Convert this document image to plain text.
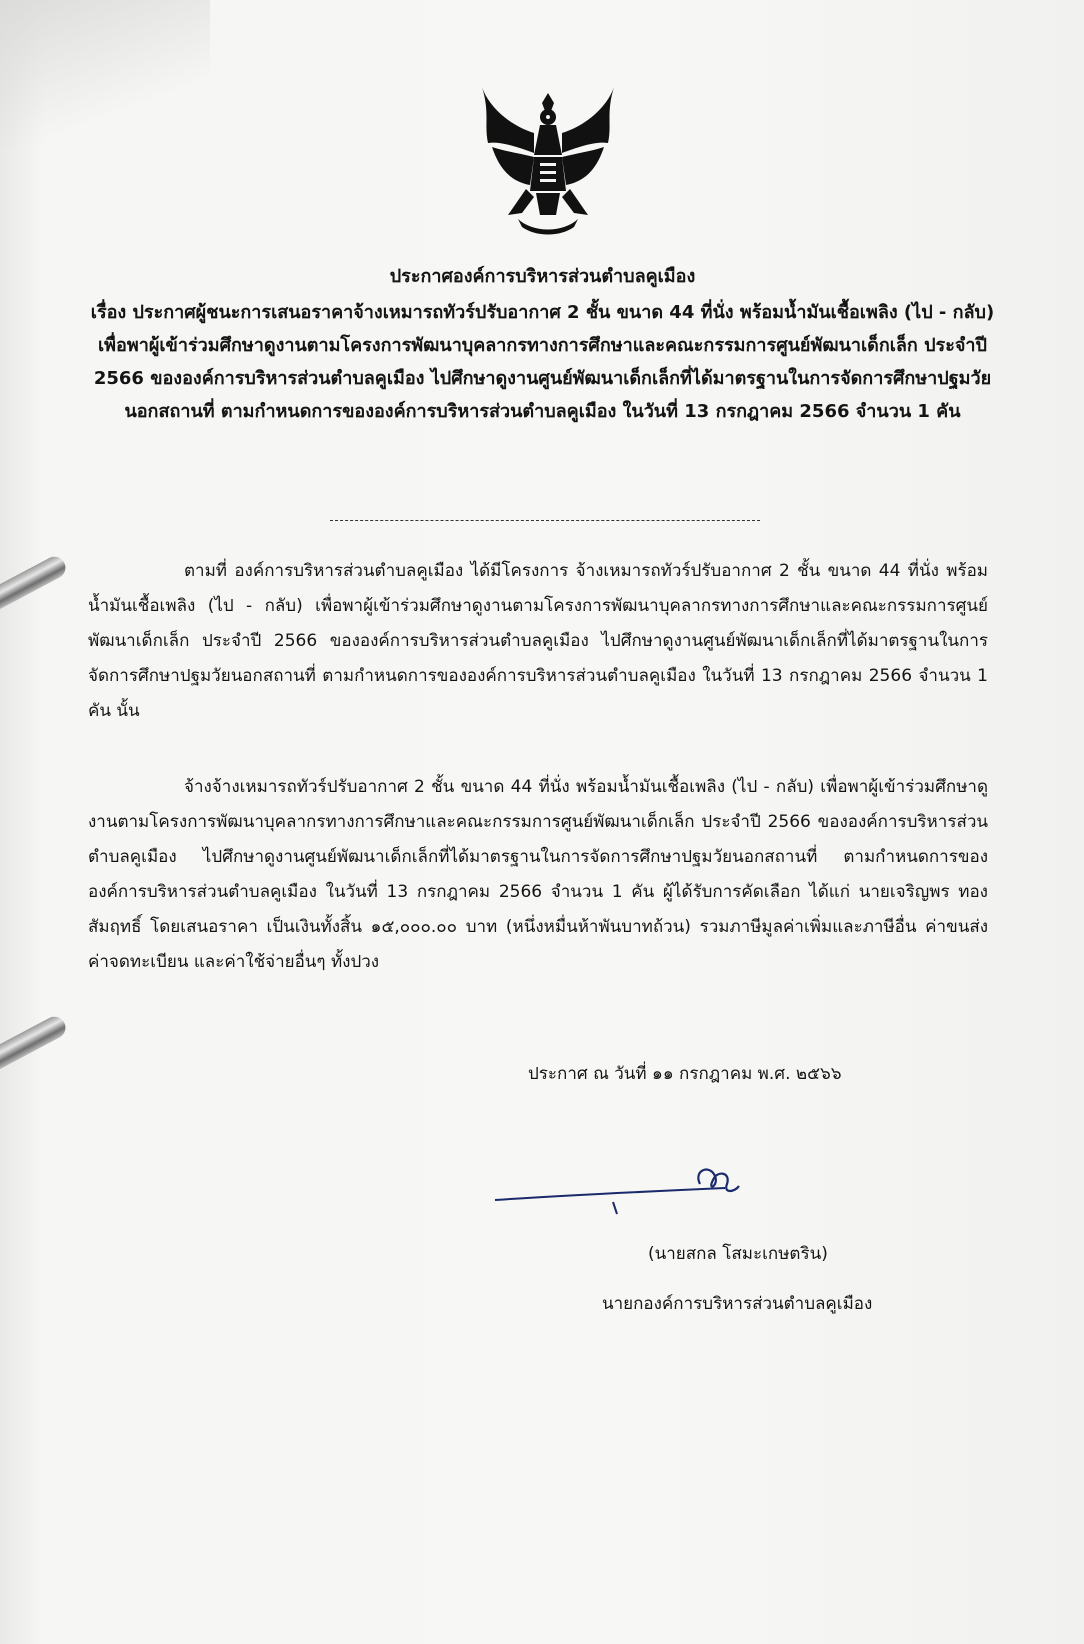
ประกาศองค์การบริหารส่วนตำบลคูเมือง
เรื่อง ประกาศผู้ชนะการเสนอราคาจ้างเหมารถทัวร์ปรับอากาศ 2 ชั้น ขนาด 44 ที่นั่ง พร้อมน้ำมันเชื้อเพลิง (ไป - กลับ) เพื่อพาผู้เข้าร่วมศึกษาดูงานตามโครงการพัฒนาบุคลากรทางการศึกษาและคณะกรรมการศูนย์พัฒนาเด็กเล็ก ประจำปี 2566 ขององค์การบริหารส่วนตำบลคูเมือง ไปศึกษาดูงานศูนย์พัฒนาเด็กเล็กที่ได้มาตรฐานในการจัดการศึกษาปฐมวัยนอกสถานที่ ตามกำหนดการขององค์การบริหารส่วนตำบลคูเมือง ในวันที่ 13 กรกฎาคม 2566 จำนวน 1 คัน
ตามที่ องค์การบริหารส่วนตำบลคูเมือง ได้มีโครงการ จ้างเหมารถทัวร์ปรับอากาศ 2 ชั้น ขนาด 44 ที่นั่ง พร้อมน้ำมันเชื้อเพลิง (ไป - กลับ) เพื่อพาผู้เข้าร่วมศึกษาดูงานตามโครงการพัฒนาบุคลากรทางการศึกษาและคณะกรรมการศูนย์พัฒนาเด็กเล็ก ประจำปี 2566 ขององค์การบริหารส่วนตำบลคูเมือง ไปศึกษาดูงานศูนย์พัฒนาเด็กเล็กที่ได้มาตรฐานในการจัดการศึกษาปฐมวัยนอกสถานที่ ตามกำหนดการขององค์การบริหารส่วนตำบลคูเมือง ในวันที่ 13 กรกฎาคม 2566 จำนวน 1 คัน นั้น
จ้างจ้างเหมารถทัวร์ปรับอากาศ 2 ชั้น ขนาด 44 ที่นั่ง พร้อมน้ำมันเชื้อเพลิง (ไป - กลับ) เพื่อพาผู้เข้าร่วมศึกษาดูงานตามโครงการพัฒนาบุคลากรทางการศึกษาและคณะกรรมการศูนย์พัฒนาเด็กเล็ก ประจำปี 2566 ขององค์การบริหารส่วนตำบลคูเมือง ไปศึกษาดูงานศูนย์พัฒนาเด็กเล็กที่ได้มาตรฐานในการจัดการศึกษาปฐมวัยนอกสถานที่ ตามกำหนดการขององค์การบริหารส่วนตำบลคูเมือง ในวันที่ 13 กรกฎาคม 2566 จำนวน 1 คัน ผู้ได้รับการคัดเลือก ได้แก่ นายเจริญพร ทองสัมฤทธิ์ โดยเสนอราคา เป็นเงินทั้งสิ้น ๑๕,๐๐๐.๐๐ บาท (หนึ่งหมื่นห้าพันบาทถ้วน) รวมภาษีมูลค่าเพิ่มและภาษีอื่น ค่าขนส่ง ค่าจดทะเบียน และค่าใช้จ่ายอื่นๆ ทั้งปวง
ประกาศ ณ วันที่ ๑๑ กรกฎาคม พ.ศ. ๒๕๖๖
(นายสกล โสมะเกษตริน)
นายกองค์การบริหารส่วนตำบลคูเมือง
